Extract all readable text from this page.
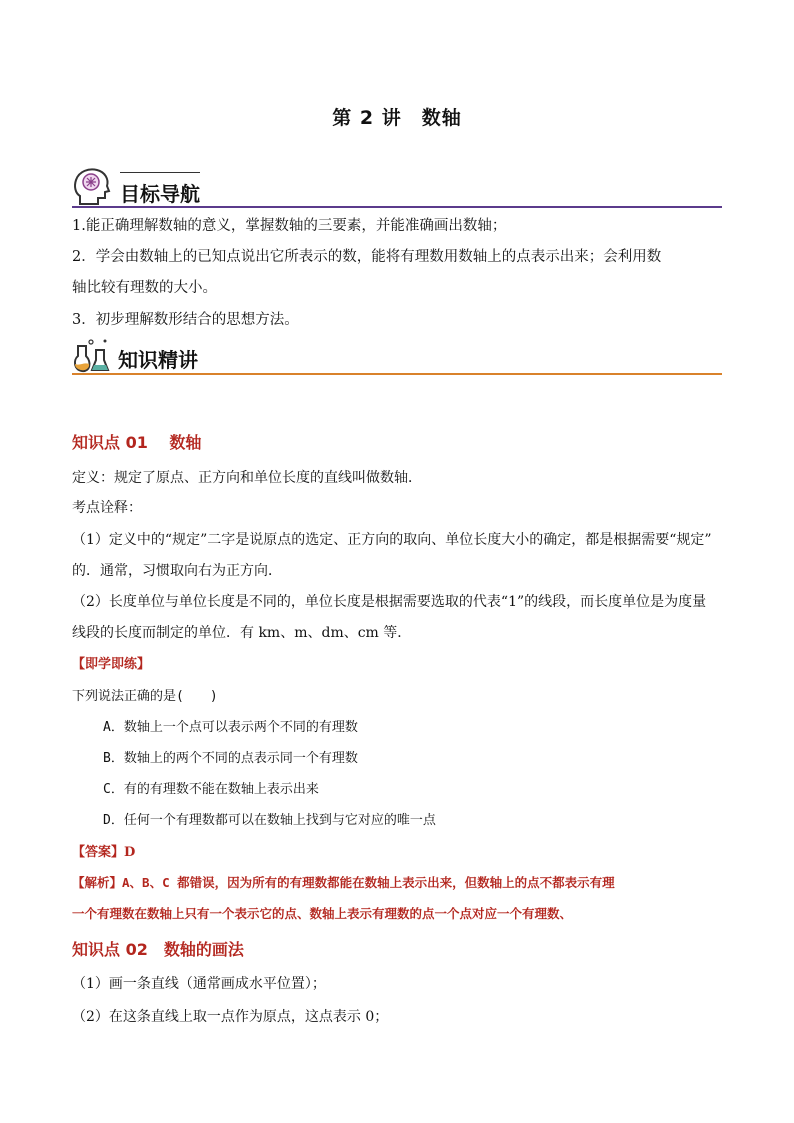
第 2 讲　数轴
目标导航
1.能正确理解数轴的意义，掌握数轴的三要素，并能准确画出数轴；
2．学会由数轴上的已知点说出它所表示的数，能将有理数用数轴上的点表示出来；会利用数
轴比较有理数的大小。
3．初步理解数形结合的思想方法。
知识精讲
知识点 01　 数轴
定义：规定了原点、正方向和单位长度的直线叫做数轴．
考点诠释：
（1）定义中的“规定”二字是说原点的选定、正方向的取向、单位长度大小的确定，都是根据需要“规定”
的．通常，习惯取向右为正方向．
（2）长度单位与单位长度是不同的，单位长度是根据需要选取的代表“1”的线段，而长度单位是为度量
线段的长度而制定的单位．有 km、m、dm、cm 等．
【即学即练】
下列说法正确的是(　　)
A．数轴上一个点可以表示两个不同的有理数
B．数轴上的两个不同的点表示同一个有理数
C．有的有理数不能在数轴上表示出来
D．任何一个有理数都可以在数轴上找到与它对应的唯一点
【答案】D
【解析】A、B、C 都错误，因为所有的有理数都能在数轴上表示出来，但数轴上的点不都表示有理
一个有理数在数轴上只有一个表示它的点、数轴上表示有理数的点一个点对应一个有理数、
知识点 02　数轴的画法
（1）画一条直线（通常画成水平位置）；
（2）在这条直线上取一点作为原点，这点表示 0；
